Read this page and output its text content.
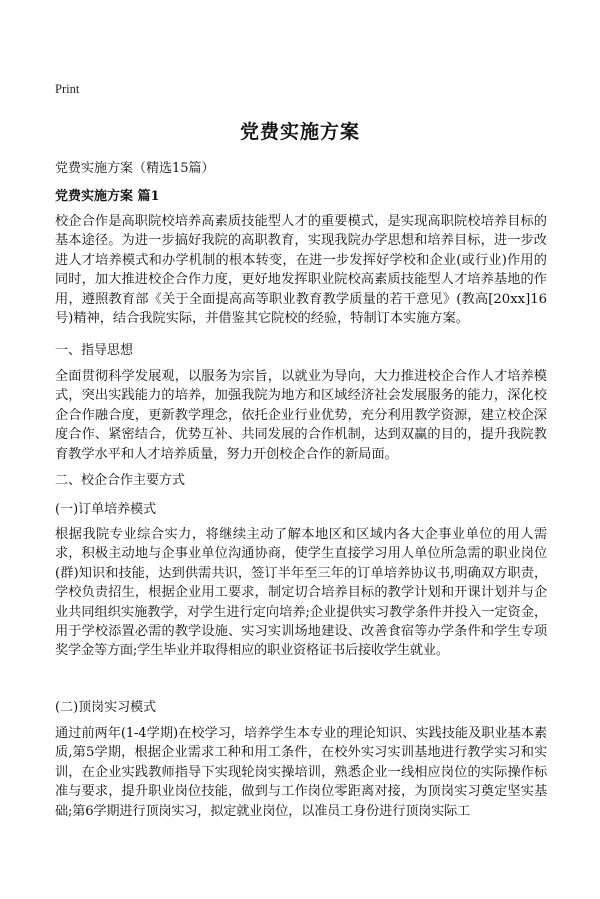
Print
党费实施方案

党费实施方案（精选15篇）

党费实施方案 篇1

校企合作是高职院校培养高素质技能型人才的重要模式，是实现高职院校培养目标的基本途径。为进一步搞好我院的高职教育，实现我院办学思想和培养目标，进一步改进人才培养模式和办学机制的根本转变，在进一步发挥好学校和企业(或行业)作用的同时，加大推进校企合作力度，更好地发挥职业院校高素质技能型人才培养基地的作用，遵照教育部《关于全面提高高等职业教育教学质量的若干意见》(教高[20xx]16号)精神，结合我院实际，并借鉴其它院校的经验，特制订本实施方案。

一、指导思想

全面贯彻科学发展观，以服务为宗旨，以就业为导向，大力推进校企合作人才培养模式，突出实践能力的培养，加强我院为地方和区域经济社会发展服务的能力，深化校企合作融合度，更新教学理念，依托企业行业优势，充分利用教学资源，建立校企深度合作、紧密结合，优势互补、共同发展的合作机制，达到双赢的目的，提升我院教育教学水平和人才培养质量，努力开创校企合作的新局面。

二、校企合作主要方式

(一)订单培养模式

根据我院专业综合实力，将继续主动了解本地区和区域内各大企事业单位的用人需求，积极主动地与企事业单位沟通协商，使学生直接学习用人单位所急需的职业岗位(群)知识和技能，达到供需共识，签订半年至三年的订单培养协议书,明确双方职责，学校负责招生，根据企业用工要求，制定切合培养目标的教学计划和开课计划并与企业共同组织实施教学，对学生进行定向培养;企业提供实习教学条件并投入一定资金，用于学校添置必需的教学设施、实习实训场地建设、改善食宿等办学条件和学生专项奖学金等方面;学生毕业并取得相应的职业资格证书后接收学生就业。

(二)顶岗实习模式

通过前两年(1-4学期)在校学习，培养学生本专业的理论知识、实践技能及职业基本素质,第5学期，根据企业需求工种和用工条件，在校外实习实训基地进行教学实习和实训，在企业实践教师指导下实现轮岗实操培训，熟悉企业一线相应岗位的实际操作标准与要求，提升职业岗位技能，做到与工作岗位零距离对接，为顶岗实习奠定坚实基础;第6学期进行顶岗实习，拟定就业岗位，以准员工身份进行顶岗实际工
